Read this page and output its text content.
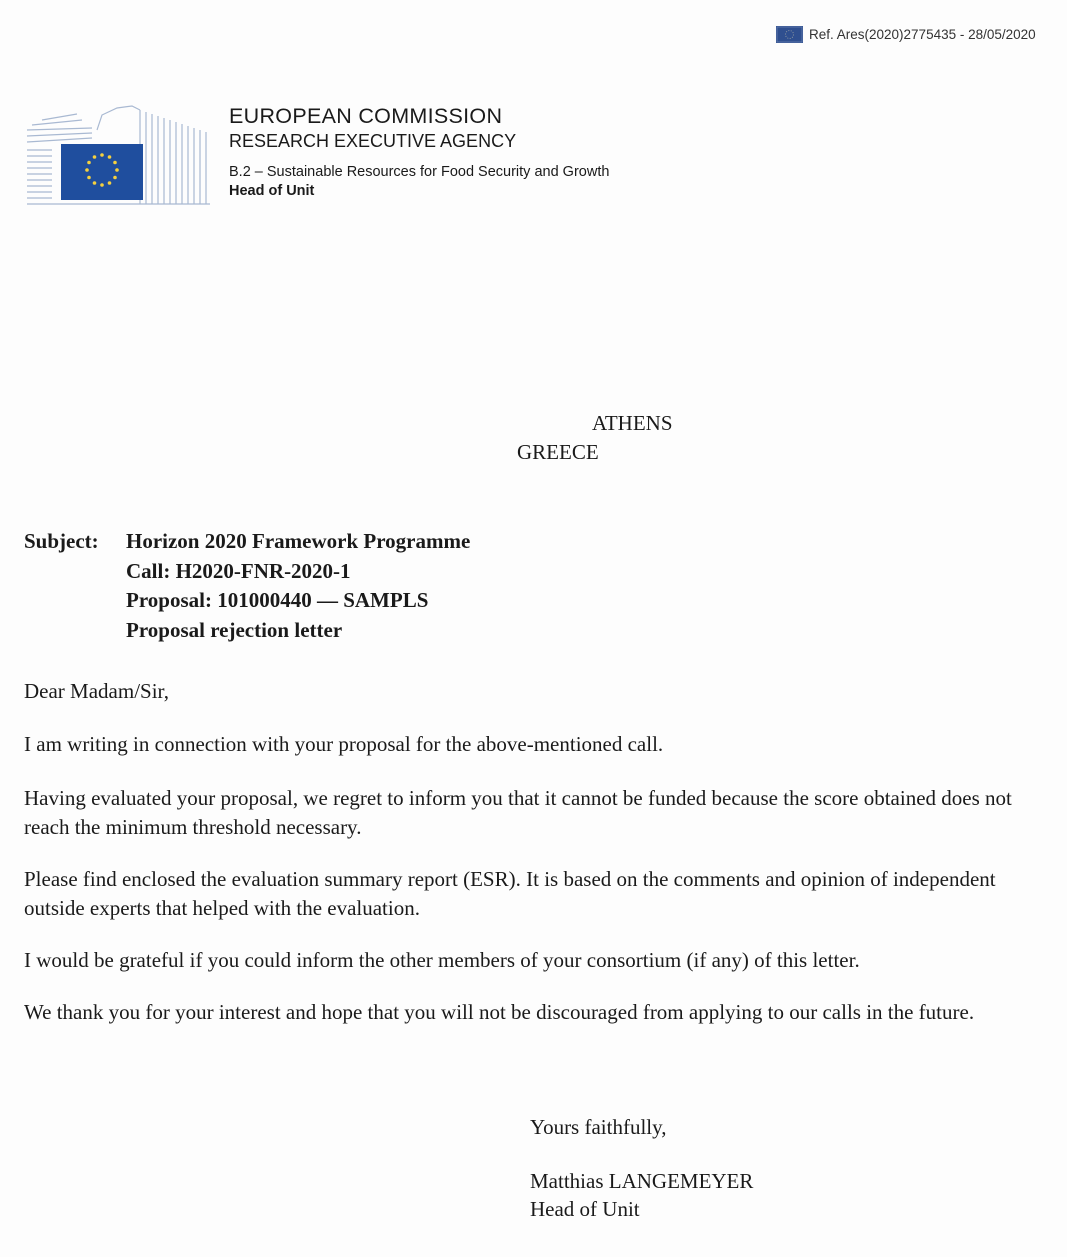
Ref. Ares(2020)2775435 - 28/05/2020
EUROPEAN COMMISSION
RESEARCH EXECUTIVE AGENCY
B.2 – Sustainable Resources for Food Security and Growth
Head of Unit
ATHENS
GREECE
Subject: Horizon 2020 Framework Programme
Call: H2020-FNR-2020-1
Proposal: 101000440 — SAMPLS
Proposal rejection letter
Dear Madam/Sir,
I am writing in connection with your proposal for the above-mentioned call.
Having evaluated your proposal, we regret to inform you that it cannot be funded because the score obtained does not reach the minimum threshold necessary.
Please find enclosed the evaluation summary report (ESR). It is based on the comments and opinion of independent outside experts that helped with the evaluation.
I would be grateful if you could inform the other members of your consortium (if any) of this letter.
We thank you for your interest and hope that you will not be discouraged from applying to our calls in the future.
Yours faithfully,
Matthias LANGEMEYER
Head of Unit
